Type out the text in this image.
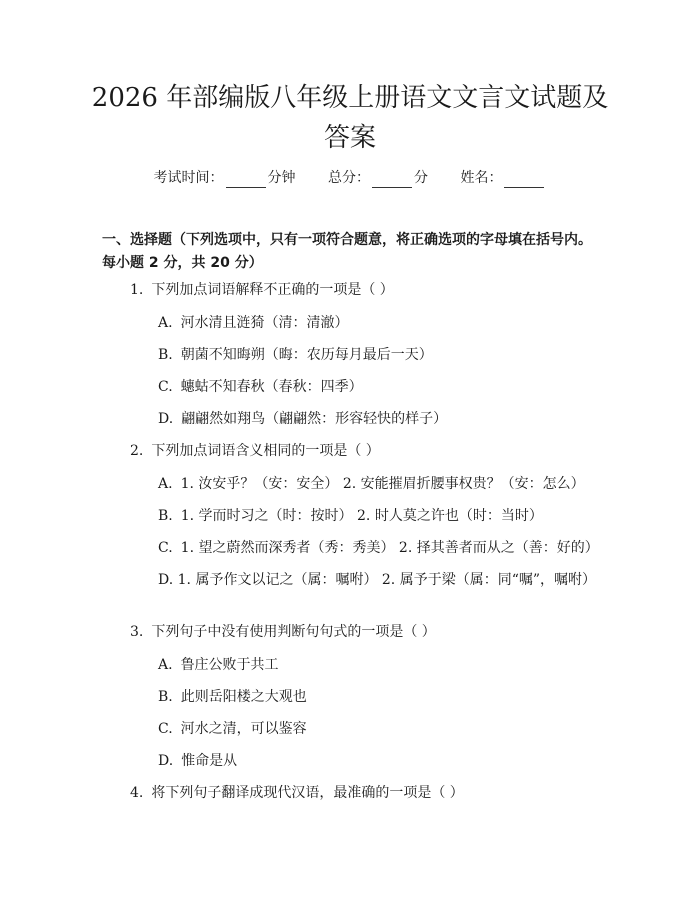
2026 年部编版八年级上册语文文言文试题及答案
考试时间：	分钟 总分：	分 姓名：
一、选择题（下列选项中，只有一项符合题意，将正确选项的字母填在括号内。每小题 2 分，共 20 分）
1. 下列加点词语解释不正确的一项是（ ）
A. 河水清且涟猗（清：清澈）
B. 朝菌不知晦朔（晦：农历每月最后一天）
C. 蟪蛄不知春秋（春秋：四季）
D. 翩翩然如翔鸟（翩翩然：形容轻快的样子）
2. 下列加点词语含义相同的一项是（ ）
A. 1. 汝安乎？（安：安全） 2. 安能摧眉折腰事权贵？（安：怎么）
B. 1. 学而时习之（时：按时） 2. 时人莫之许也（时：当时）
C. 1. 望之蔚然而深秀者（秀：秀美） 2. 择其善者而从之（善：好的）
D. 1. 属予作文以记之（属：嘱咐） 2. 属予于梁（属：同“嘱”，嘱咐）
3. 下列句子中没有使用判断句句式的一项是（ ）
A. 鲁庄公败于共工
B. 此则岳阳楼之大观也
C. 河水之清，可以鉴容
D. 惟命是从
4. 将下列句子翻译成现代汉语，最准确的一项是（ ）
